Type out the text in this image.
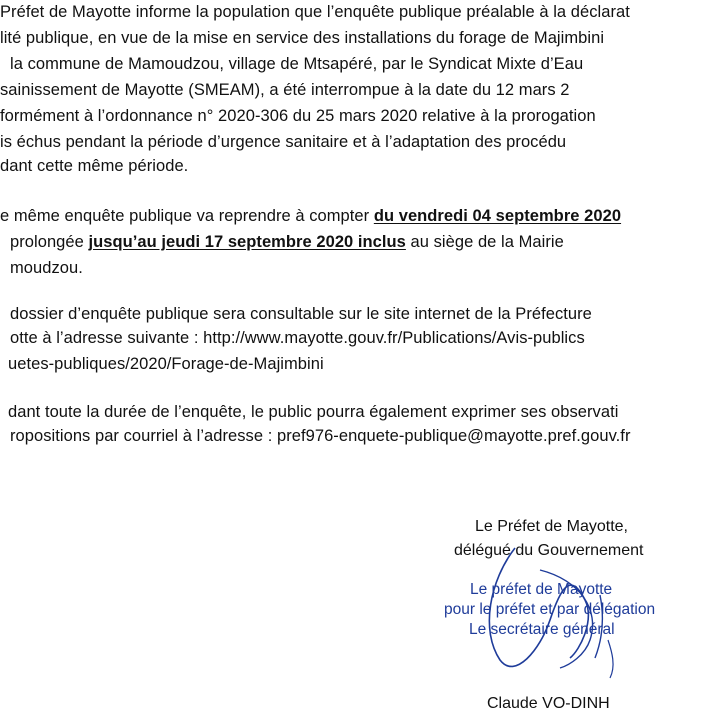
Préfet de Mayotte informe la population que l’enquête publique préalable à la déclarat
lité publique, en vue de la mise en service des installations du forage de Majimbini
la commune de Mamoudzou, village de Mtsapéré, par le Syndicat Mixte d’Eau
sainissement de Mayotte (SMEAM), a été interrompue à la date du 12 mars 2
formément à l’ordonnance n° 2020-306 du 25 mars 2020 relative à la prorogation
is échus pendant la période d’urgence sanitaire et à l’adaptation des procédu
dant cette même période.
e même enquête publique va reprendre à compter du vendredi 04 septembre 2020
prolongée jusqu’au jeudi 17 septembre 2020 inclus au siège de la Mairie
moudzou.
dossier d’enquête publique sera consultable sur le site internet de la Préfecture
otte à l’adresse suivante : http://www.mayotte.gouv.fr/Publications/Avis-publics
uetes-publiques/2020/Forage-de-Majimbini
dant toute la durée de l’enquête, le public pourra également exprimer ses observati
ropositions par courriel à l’adresse : pref976-enquete-publique@mayotte.pref.gouv.fr
Le Préfet de Mayotte,
délégué du Gouvernement
Le préfet de Mayotte
pour le préfet et par délégation
Le secrétaire général
Claude VO-DINH
